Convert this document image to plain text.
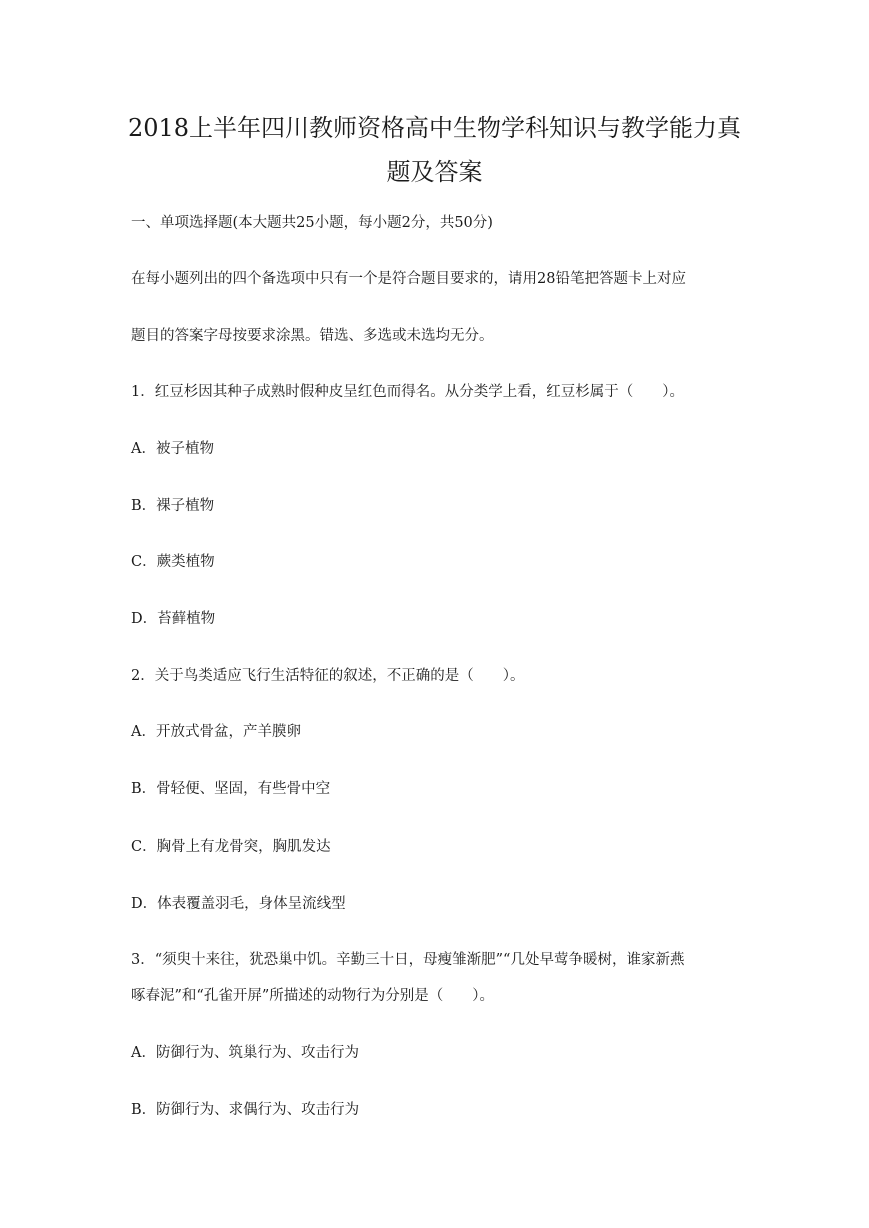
2018上半年四川教师资格高中生物学科知识与教学能力真
题及答案
一、单项选择题(本大题共25小题，每小题2分，共50分)
在每小题列出的四个备选项中只有一个是符合题目要求的，请用28铅笔把答题卡上对应
题目的答案字母按要求涂黑。错选、多选或未选均无分。
1．红豆杉因其种子成熟时假种皮呈红色而得名。从分类学上看，红豆杉属于（　　）。
A．被子植物
B．裸子植物
C．蕨类植物
D．苔藓植物
2．关于鸟类适应飞行生活特征的叙述，不正确的是（　　）。
A．开放式骨盆，产羊膜卵
B．骨轻便、坚固，有些骨中空
C．胸骨上有龙骨突，胸肌发达
D．体表覆盖羽毛，身体呈流线型
3．“须臾十来往，犹恐巢中饥。辛勤三十日，母瘦雏渐肥”“几处早莺争暖树，谁家新燕
啄春泥”和“孔雀开屏”所描述的动物行为分别是（　　）。
A．防御行为、筑巢行为、攻击行为
B．防御行为、求偶行为、攻击行为
